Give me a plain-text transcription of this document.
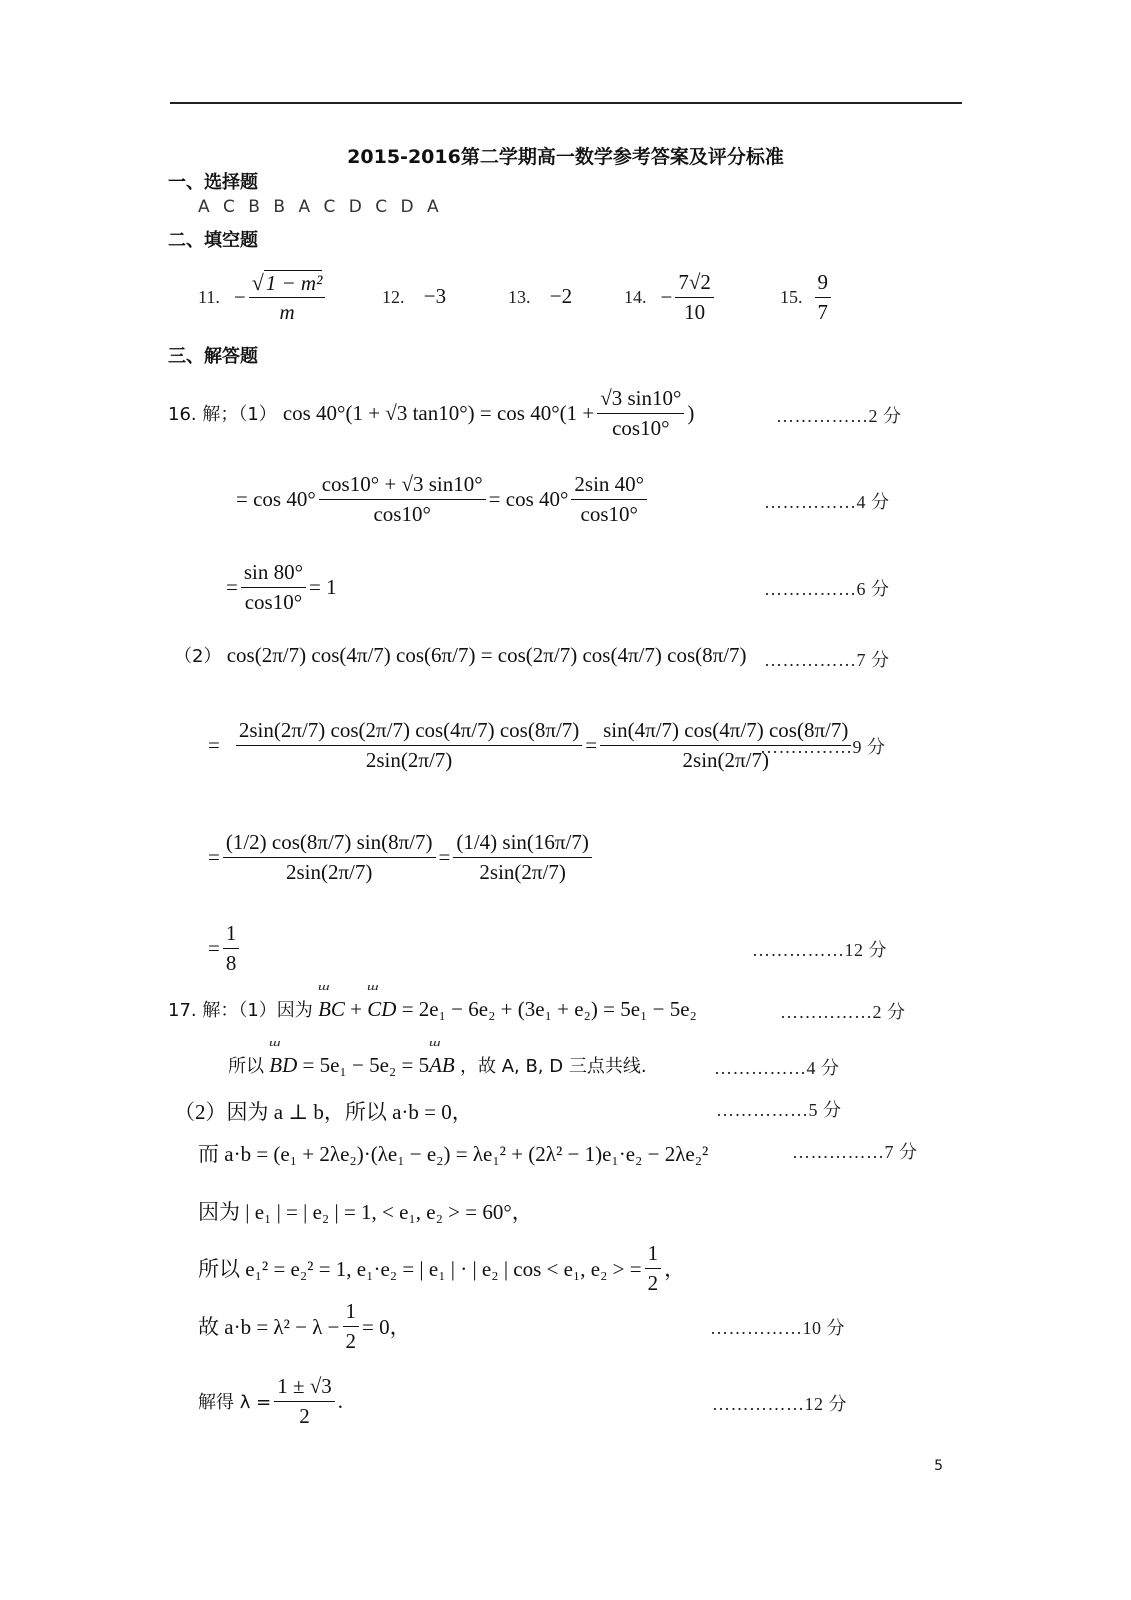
2015-2016第二学期高一数学参考答案及评分标准
一、选择题
A C B B A C D C D A
二、填空题
11. − $\frac{\text{√1 − m²}}{m}$	12. −3	13. −2	14. − $\frac{7√2}{10}$	15. $\frac{9}{7}$
三、解答题
16. 解；（1） cos 40°(1 + √3 $\tan 10^\circ) = \cos 40^\circ(1 + \frac{√3 \sin 10^\circ}{\cos 10^\circ}$ )	……………2 分
= $\cos 40^\circ \frac{\cos 10^\circ + √3 \sin 10^\circ}{\cos 10^\circ} = \cos 40^\circ \frac{2\sin 40^\circ}{\cos 10^\circ}$	……………4 分
= $\frac{\sin 80^\circ}{\cos 10^\circ} = 1$	……………6 分
（2） cos(2π/7) cos(4π/7) cos(6π/7) = cos(2π/7) cos(4π/7) cos(8π/7) ……………7 分
= $\frac{2\sin(2\pi/7) \cos(2\pi/7) \cos(4\pi/7) \cos(8\pi/7)}{2\sin(2\pi/7)} = \frac{\sin(4\pi/7) \cos(4\pi/7) \cos(8\pi/7)}{2\sin(2\pi/7)}$
……………9 分
= $\frac{(1/2) \cos(8\pi/7) \sin(8\pi/7)}{2\sin(2\pi/7)} = \frac{(1/4) \sin(16\pi/7)}{2\sin(2\pi/7)}$
= $\frac{1}{8}$	……………12 分
17. 解：（1）因为 ш BC + ш CD = 2e₁ − 6e₂ + (3e₁ + e₂) = 5e₁ − 5e₂	……………2 分
所以 ш BD = 5e₁ − 5e₂ = 5ш AB ，故 A, B, D 三点共线.	……………4 分
（2）因为 a ⊥ b，所以 a·b = 0，	……………5 分
而 a·b = (e₁ + 2λe₂)·(λe₁ − e₂) = λe₁² + (2λ² − 1)e₁·e₂ − 2λe₂²	……………7 分
因为 | e₁ | = | e₂ | = 1, < e₁, e₂ > = 60°，
所以 e₁² = e₂² = 1, e₁·e₂ = | e₁ | · | e₂ | cos < e₁, e₂ > = $\frac{1}{2}$ ，
故 $a\cdot b = \lambda^2 - \lambda - \frac{1}{2} = 0$，	……………10 分
解得 $\lambda = \frac{1 \pm √3}{2}$ .	……………12 分
5
